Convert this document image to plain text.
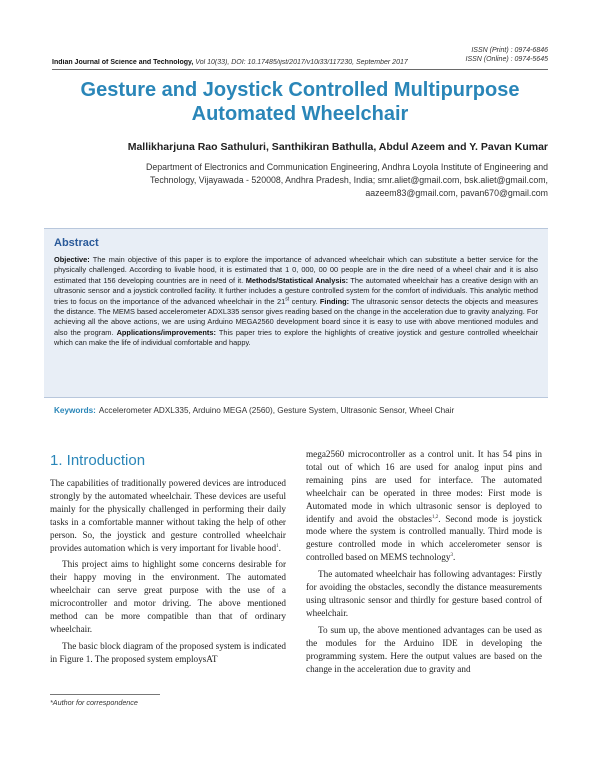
ISSN (Print) : 0974-6846
ISSN (Online) : 0974-5645
Indian Journal of Science and Technology, Vol 10(33), DOI: 10.17485/ijst/2017/v10i33/117230, September 2017
Gesture and Joystick Controlled Multipurpose
Automated Wheelchair
Mallikharjuna Rao Sathuluri, Santhikiran Bathulla, Abdul Azeem and Y. Pavan Kumar
Department of Electronics and Communication Engineering, Andhra Loyola Institute of Engineering and
Technology, Vijayawada - 520008, Andhra Pradesh, India; smr.aliet@gmail.com, bsk.aliet@gmail.com,
aazeem83@gmail.com, pavan670@gmail.com
Abstract
Objective: The main objective of this paper is to explore the importance of advanced wheelchair which can substitute a better service for the physically challenged. According to livable hood, it is estimated that 1 0, 000, 00 00 people are in the dire need of a wheel chair and it is also estimated that 156 developing countries are in need of it. Methods/Statistical Analysis: The automated wheelchair has a creative design with an ultrasonic sensor and a joystick controlled facility. It further includes a gesture controlled system for the comfort of individuals. This analytic method tries to focus on the importance of the advanced wheelchair in the 21st century. Finding: The ultrasonic sensor detects the objects and measures the distance. The MEMS based accelerometer ADXL335 sensor gives reading based on the change in the acceleration due to gravity analyzing. For achieving all the above actions, we are using Arduino MEGA2560 development board since it is easy to use with above mentioned modules and also the program. Applications/improvements: This paper tries to explore the highlights of creative joystick and gesture controlled wheelchair which can make the life of individual comfortable and happy.
Keywords: Accelerometer ADXL335, Arduino MEGA (2560), Gesture System, Ultrasonic Sensor, Wheel Chair
1. Introduction

The capabilities of traditionally powered devices are introduced strongly by the automated wheelchair. These devices are useful mainly for the physically challenged in performing their daily tasks in a comfortable manner without taking the help of other person. So, the joystick and gesture controlled wheelchair provides automation which is very important for livable hood$^1$.

This project aims to highlight some concerns desirable for their happy moving in the environment. The automated wheelchair can serve great purpose with the use of a microcontroller and motor driving. The above mentioned method can be more compatible than that of ordinary wheelchair.

The basic block diagram of the proposed system is indicated in Figure 1. The proposed system employsAT

mega2560 microcontroller as a control unit. It has 54 pins in total out of which 16 are used for analog input pins and remaining pins are used for interface. The automated wheelchair can be operated in three modes: First mode is Automated mode in which ultrasonic sensor is deployed to identify and avoid the obstacles$^{1,2}$. Second mode is joystick mode where the system is controlled manually. Third mode is gesture controlled mode in which accelerometer sensor is controlled based on MEMS technology$^3$.

The automated wheelchair has following advantages: Firstly for avoiding the obstacles, secondly the distance measurements using ultrasonic sensor and thirdly for gesture based control of wheelchair.

To sum up, the above mentioned advantages can be used as the modules for the Arduino IDE in developing the programming system. Here the output values are based on the change in the acceleration due to gravity and

*Author for correspondence
